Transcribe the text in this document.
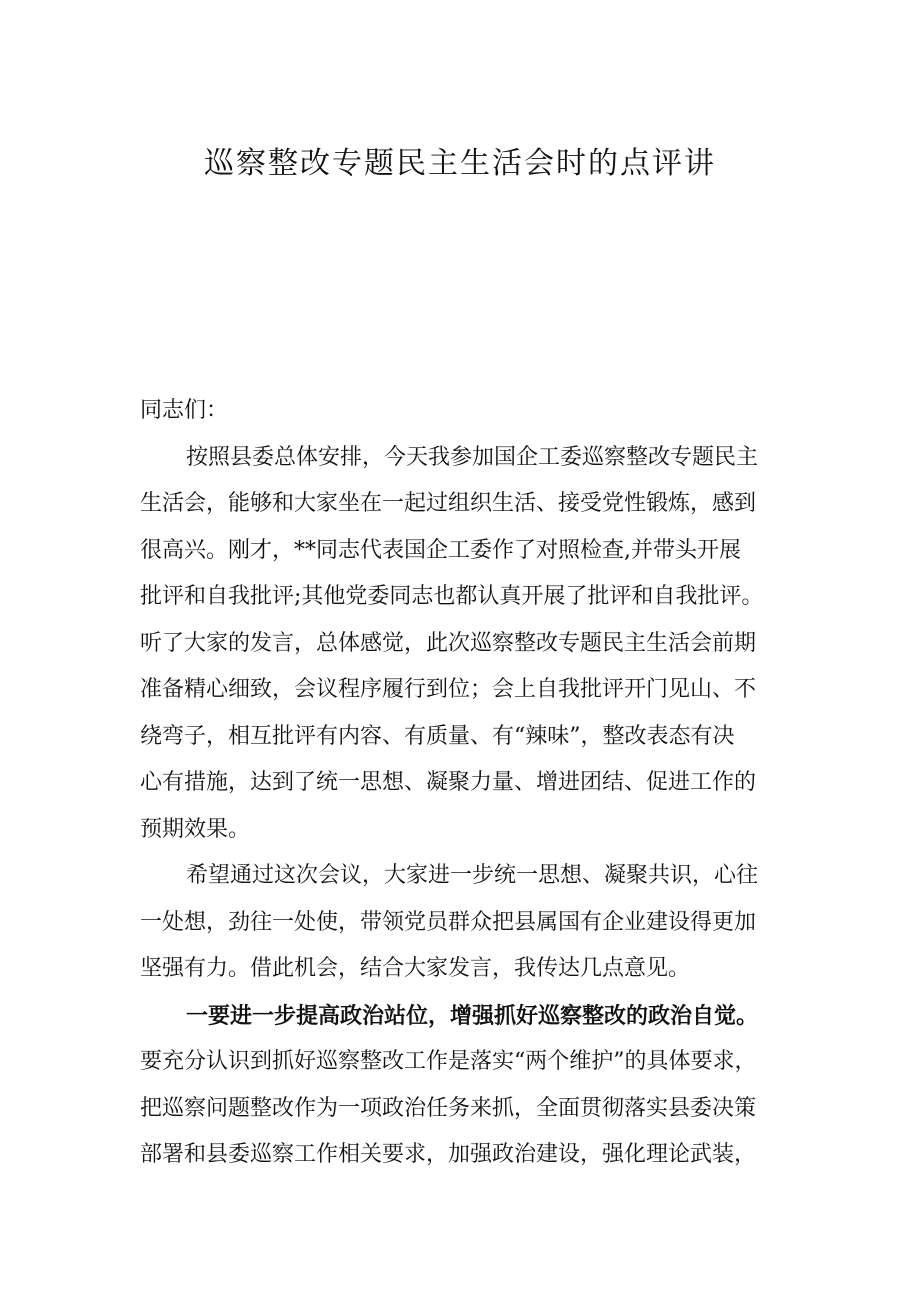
巡察整改专题民主生活会时的点评讲
同志们：
按照县委总体安排，今天我参加国企工委巡察整改专题民主
生活会，能够和大家坐在一起过组织生活、接受党性锻炼，感到
很高兴。刚才，**同志代表国企工委作了对照检查,并带头开展
批评和自我批评;其他党委同志也都认真开展了批评和自我批评。
听了大家的发言，总体感觉，此次巡察整改专题民主生活会前期
准备精心细致，会议程序履行到位；会上自我批评开门见山、不
绕弯子，相互批评有内容、有质量、有“辣味”，整改表态有决
心有措施，达到了统一思想、凝聚力量、增进团结、促进工作的
预期效果。
希望通过这次会议，大家进一步统一思想、凝聚共识，心往
一处想，劲往一处使，带领党员群众把县属国有企业建设得更加
坚强有力。借此机会，结合大家发言，我传达几点意见。
一要进一步提高政治站位，增强抓好巡察整改的政治自觉。
要充分认识到抓好巡察整改工作是落实“两个维护”的具体要求，
把巡察问题整改作为一项政治任务来抓，全面贯彻落实县委决策
部署和县委巡察工作相关要求，加强政治建设，强化理论武装，
